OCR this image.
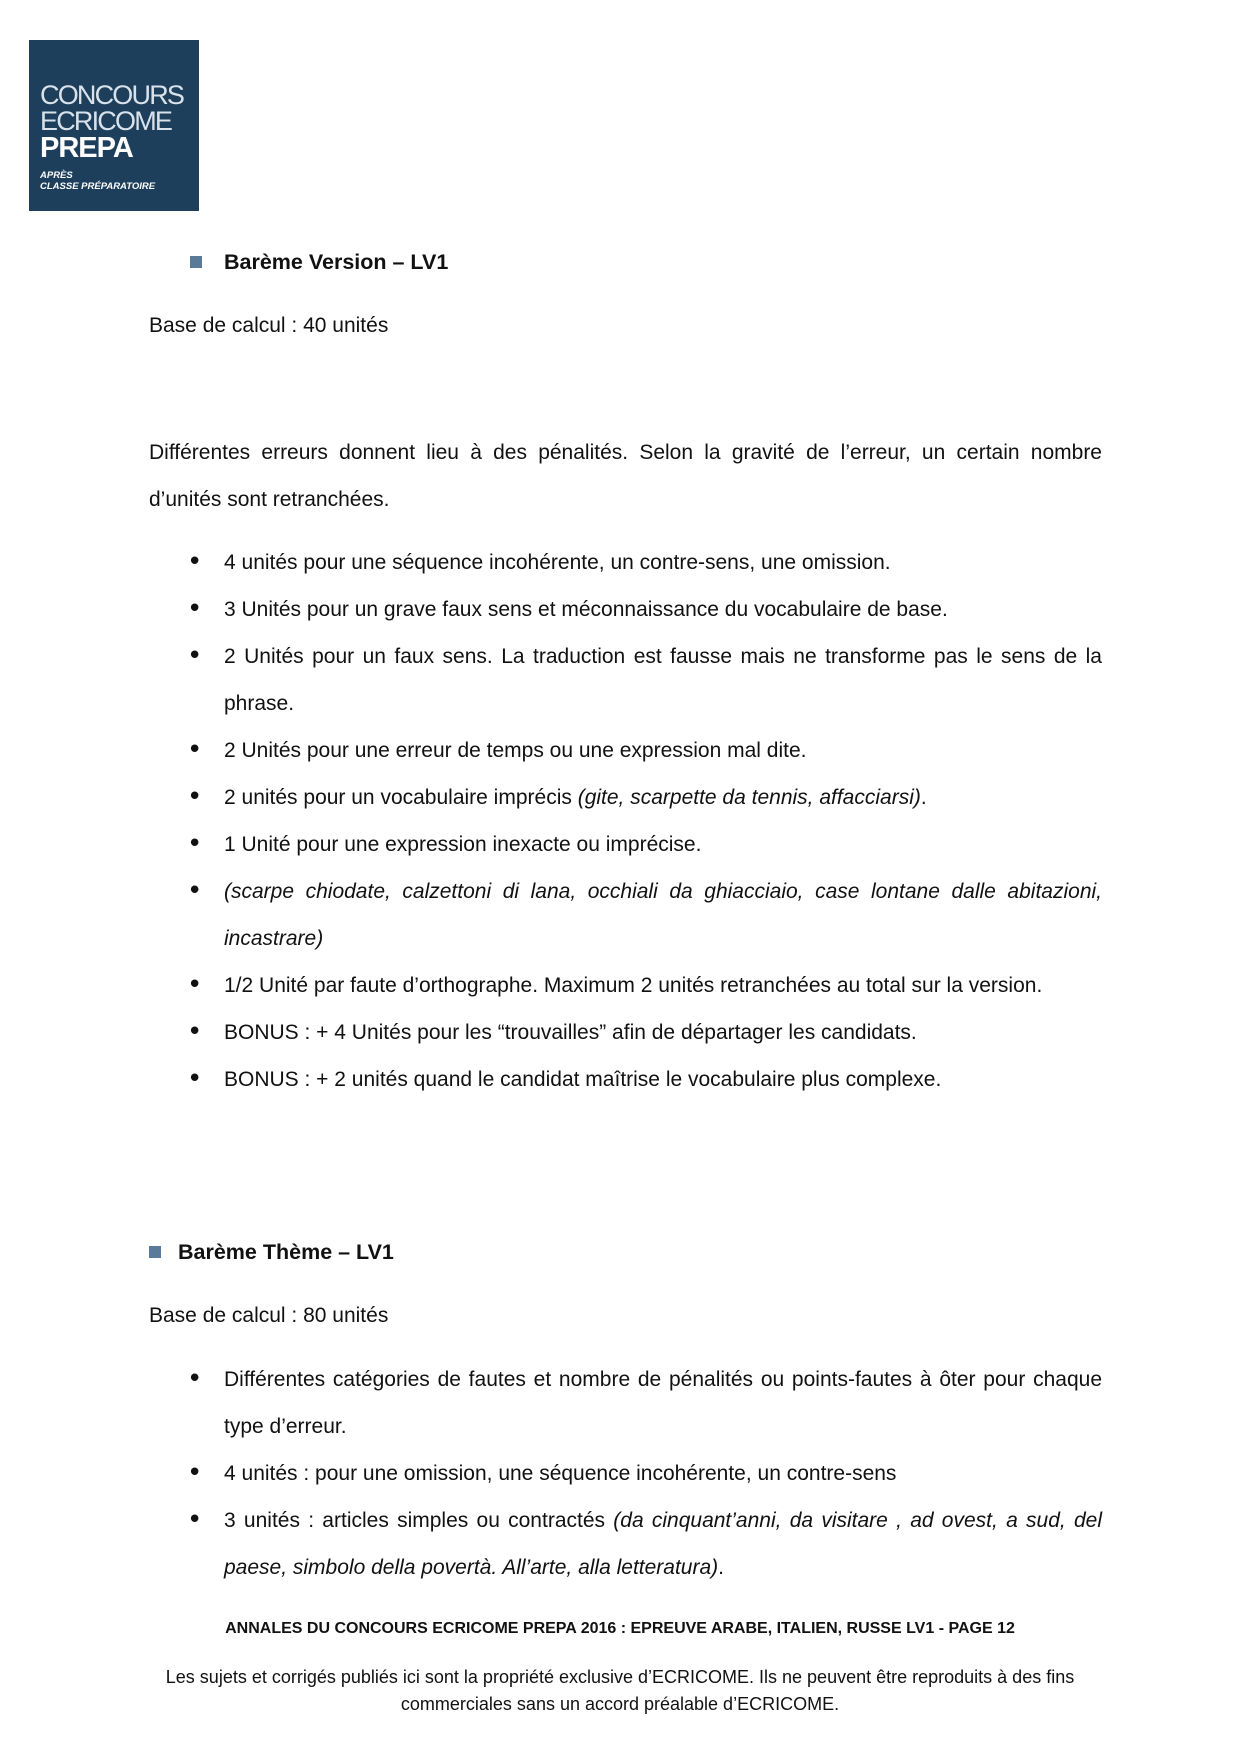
CONCOURS
ECRICOME
PREPA
APRÈS
CLASSE PRÉPARATOIRE
Barème Version – LV1

Base de calcul : 40 unités

Différentes erreurs donnent lieu à des pénalités. Selon la gravité de l’erreur, un certain nombre d’unités sont retranchées.

• 4 unités pour une séquence incohérente, un contre-sens, une omission.
• 3 Unités pour un grave faux sens et méconnaissance du vocabulaire de base.
• 2 Unités pour un faux sens. La traduction est fausse mais ne transforme pas le sens de la phrase.
• 2 Unités pour une erreur de temps ou une expression mal dite.
• 2 unités pour un vocabulaire imprécis (gite, scarpette da tennis, affacciarsi).
• 1 Unité pour une expression inexacte ou imprécise.
• (scarpe chiodate, calzettoni di lana, occhiali da ghiacciaio, case lontane dalle abitazioni, incastrare)
• 1/2 Unité par faute d’orthographe. Maximum 2 unités retranchées au total sur la version.
• BONUS : + 4 Unités pour les “trouvailles” afin de départager les candidats.
• BONUS : + 2 unités quand le candidat maîtrise le vocabulaire plus complexe.
Barème Thème – LV1

Base de calcul : 80 unités

• Différentes catégories de fautes et nombre de pénalités ou points-fautes à ôter pour chaque type d’erreur.
• 4 unités : pour une omission, une séquence incohérente, un contre-sens
• 3 unités : articles simples ou contractés (da cinquant’anni, da visitare , ad ovest, a sud, del paese, simbolo della povertà. All’arte, alla letteratura).
ANNALES DU CONCOURS ECRICOME PREPA 2016 : EPREUVE ARABE, ITALIEN, RUSSE LV1 - PAGE 12
Les sujets et corrigés publiés ici sont la propriété exclusive d’ECRICOME. Ils ne peuvent être reproduits à des fins commerciales sans un accord préalable d’ECRICOME.
